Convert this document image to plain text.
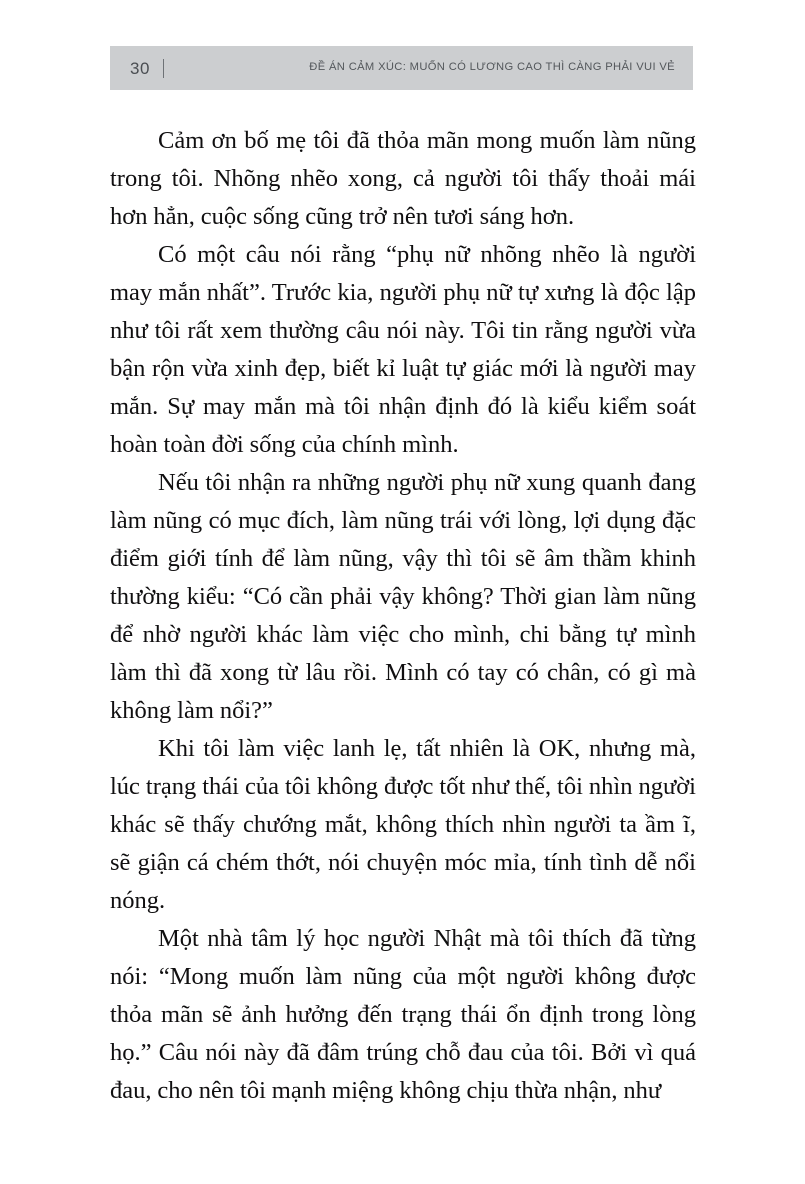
30	ĐỀ ÁN CẢM XÚC: MUỐN CÓ LƯƠNG CAO THÌ CÀNG PHẢI VUI VẺ

Cảm ơn bố mẹ tôi đã thỏa mãn mong muốn làm nũng trong tôi. Nhõng nhẽo xong, cả người tôi thấy thoải mái hơn hẳn, cuộc sống cũng trở nên tươi sáng hơn.

Có một câu nói rằng “phụ nữ nhõng nhẽo là người may mắn nhất”. Trước kia, người phụ nữ tự xưng là độc lập như tôi rất xem thường câu nói này. Tôi tin rằng người vừa bận rộn vừa xinh đẹp, biết kỉ luật tự giác mới là người may mắn. Sự may mắn mà tôi nhận định đó là kiểu kiểm soát hoàn toàn đời sống của chính mình.

Nếu tôi nhận ra những người phụ nữ xung quanh đang làm nũng có mục đích, làm nũng trái với lòng, lợi dụng đặc điểm giới tính để làm nũng, vậy thì tôi sẽ âm thầm khinh thường kiểu: “Có cần phải vậy không? Thời gian làm nũng để nhờ người khác làm việc cho mình, chi bằng tự mình làm thì đã xong từ lâu rồi. Mình có tay có chân, có gì mà không làm nổi?”

Khi tôi làm việc lanh lẹ, tất nhiên là OK, nhưng mà, lúc trạng thái của tôi không được tốt như thế, tôi nhìn người khác sẽ thấy chướng mắt, không thích nhìn người ta ầm ĩ, sẽ giận cá chém thớt, nói chuyện móc mỉa, tính tình dễ nổi nóng.

Một nhà tâm lý học người Nhật mà tôi thích đã từng nói: “Mong muốn làm nũng của một người không được thỏa mãn sẽ ảnh hưởng đến trạng thái ổn định trong lòng họ.” Câu nói này đã đâm trúng chỗ đau của tôi. Bởi vì quá đau, cho nên tôi mạnh miệng không chịu thừa nhận, như
